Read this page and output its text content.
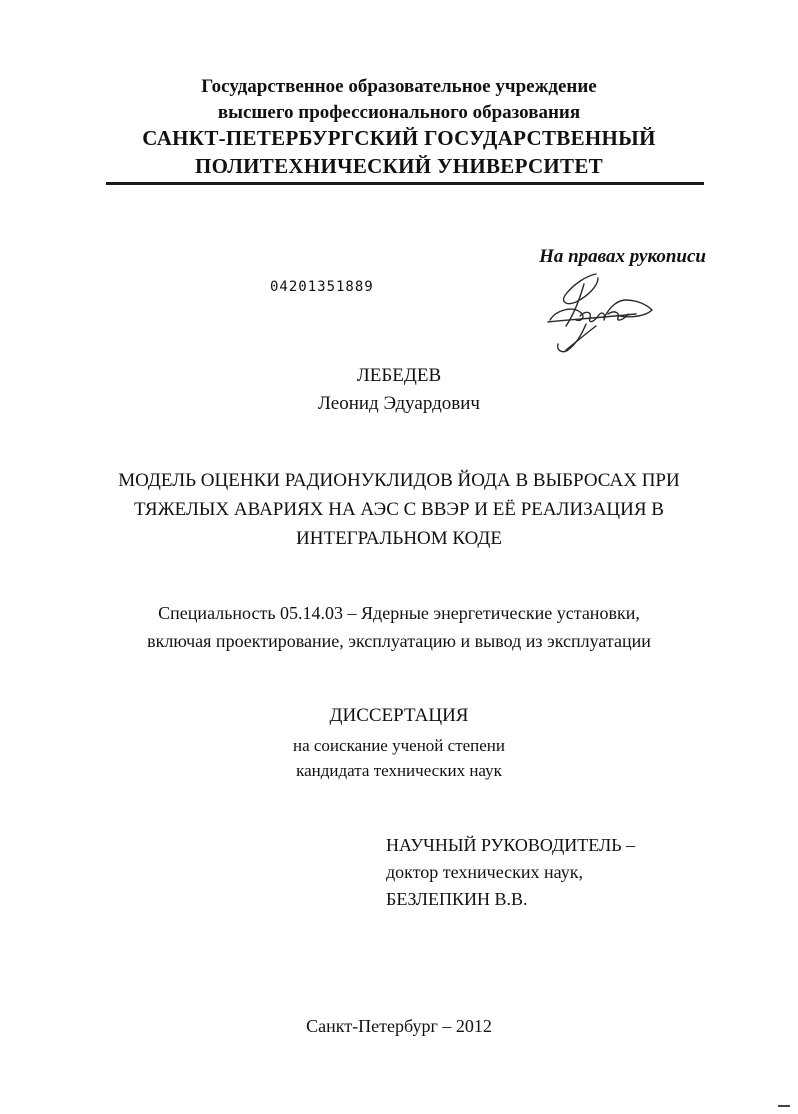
Государственное образовательное учреждение
высшего профессионального образования
САНКТ-ПЕТЕРБУРГСКИЙ ГОСУДАРСТВЕННЫЙ
ПОЛИТЕХНИЧЕСКИЙ УНИВЕРСИТЕТ
На правах рукописи
04201351889
ЛЕБЕДЕВ
Леонид Эдуардович
МОДЕЛЬ ОЦЕНКИ РАДИОНУКЛИДОВ ЙОДА В ВЫБРОСАХ ПРИ
ТЯЖЕЛЫХ АВАРИЯХ НА АЭС С ВВЭР И ЕЁ РЕАЛИЗАЦИЯ В
ИНТЕГРАЛЬНОМ КОДЕ
Специальность 05.14.03 – Ядерные энергетические установки,
включая проектирование, эксплуатацию и вывод из эксплуатации
ДИССЕРТАЦИЯ
на соискание ученой степени
кандидата технических наук
НАУЧНЫЙ РУКОВОДИТЕЛЬ –
доктор технических наук,
БЕЗЛЕПКИН В.В.
Санкт-Петербург – 2012
